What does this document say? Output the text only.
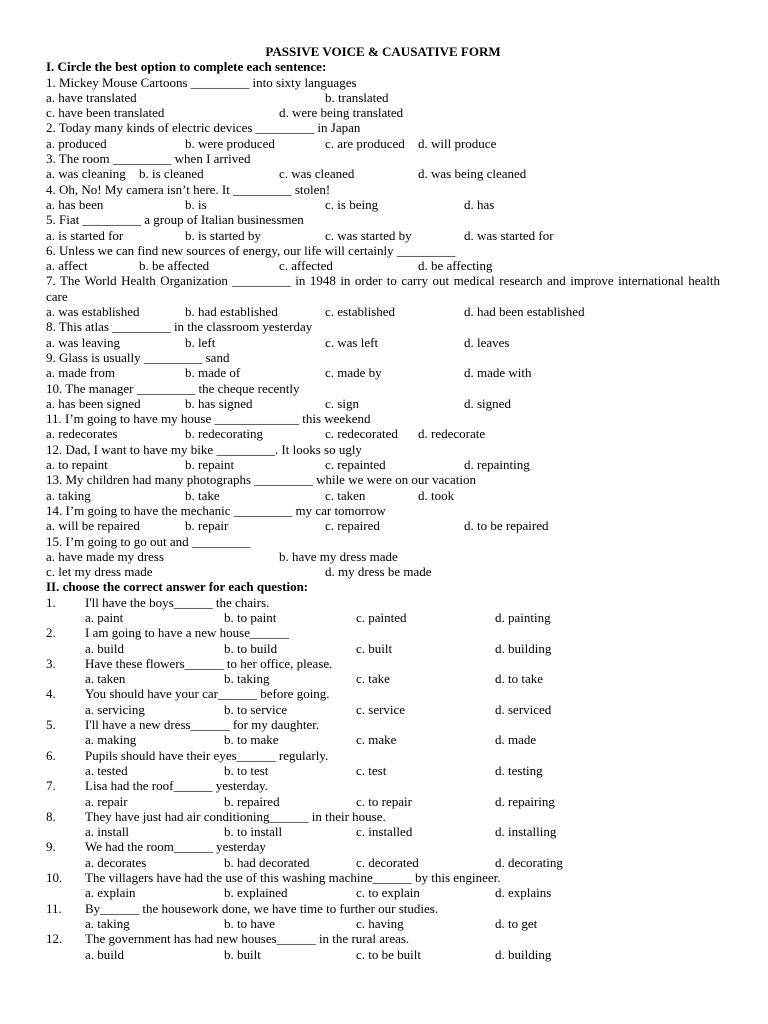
PASSIVE VOICE & CAUSATIVE FORM
I. Circle the best option to complete each sentence:
1. Mickey Mouse Cartoons _________ into sixty languages
a. have translated	b. translated
c. have been translated	d. were being translated
2. Today many kinds of electric devices _________ in Japan
a. produced	b. were produced	c. are produced d. will produce
3. The room _________ when I arrived
a. was cleaning b. is cleaned	c. was cleaned	d. was being cleaned
4. Oh, No! My camera isn’t here. It _________ stolen!
a. has been	b. is	c. is being	d. has
5. Fiat _________ a group of Italian businessmen
a. is started for	b. is started by	c. was started by	d. was started for
6. Unless we can find new sources of energy, our life will certainly _________
a. affect	b. be affected	c. affected	d. be affecting
7. The World Health Organization _________ in 1948 in order to carry out medical research and improve international health care
a. was established	b. had established	c. established	d. had been established
8. This atlas _________ in the classroom yesterday
a. was leaving	b. left	c. was left	d. leaves
9. Glass is usually _________ sand
a. made from	b. made of	c. made by	d. made with
10. The manager _________ the cheque recently
a. has been signed	b. has signed	c. sign	d. signed
11. I’m going to have my house _____________ this weekend
a. redecorates	b. redecorating	c. redecorated d. redecorate
12. Dad, I want to have my bike _________. It looks so ugly
a. to repaint	b. repaint	c. repainted	d. repainting
13. My children had many photographs _________ while we were on our vacation
a. taking	b. take	c. taken	d. took
14. I’m going to have the mechanic _________ my car tomorrow
a. will be repaired	b. repair	c. repaired	d. to be repaired
15. I’m going to go out and _________
a. have made my dress	b. have my dress made
c. let my dress made	d. my dress be made
II. choose the correct answer for each question:
1. I'll have the boys______ the chairs.
a. paint	b. to paint	c. painted	d. painting
2. I am going to have a new house______
a. build	b. to build	c. built	d. building
3. Have these flowers______ to her office, please.
a. taken	b. taking	c. take	d. to take
4. You should have your car______ before going.
a. servicing	b. to service	c. service	d. serviced
5. I'll have a new dress______ for my daughter.
a. making	b. to make	c. make	d. made
6. Pupils should have their eyes______ regularly.
a. tested	b. to test	c. test	d. testing
7. Lisa had the roof______ yesterday.
a. repair	b. repaired	c. to repair	d. repairing
8. They have just had air conditioning______ in their house.
a. install	b. to install	c. installed	d. installing
9. We had the room______ yesterday
a. decorates	b. had decorated	c. decorated	d. decorating
10. The villagers have had the use of this washing machine______ by this engineer.
a. explain	b. explained	c. to explain	d. explains
11. By______ the housework done, we have time to further our studies.
a. taking	b. to have	c. having	d. to get
12. The government has had new houses______ in the rural areas.
a. build	b. built	c. to be built	d. building
